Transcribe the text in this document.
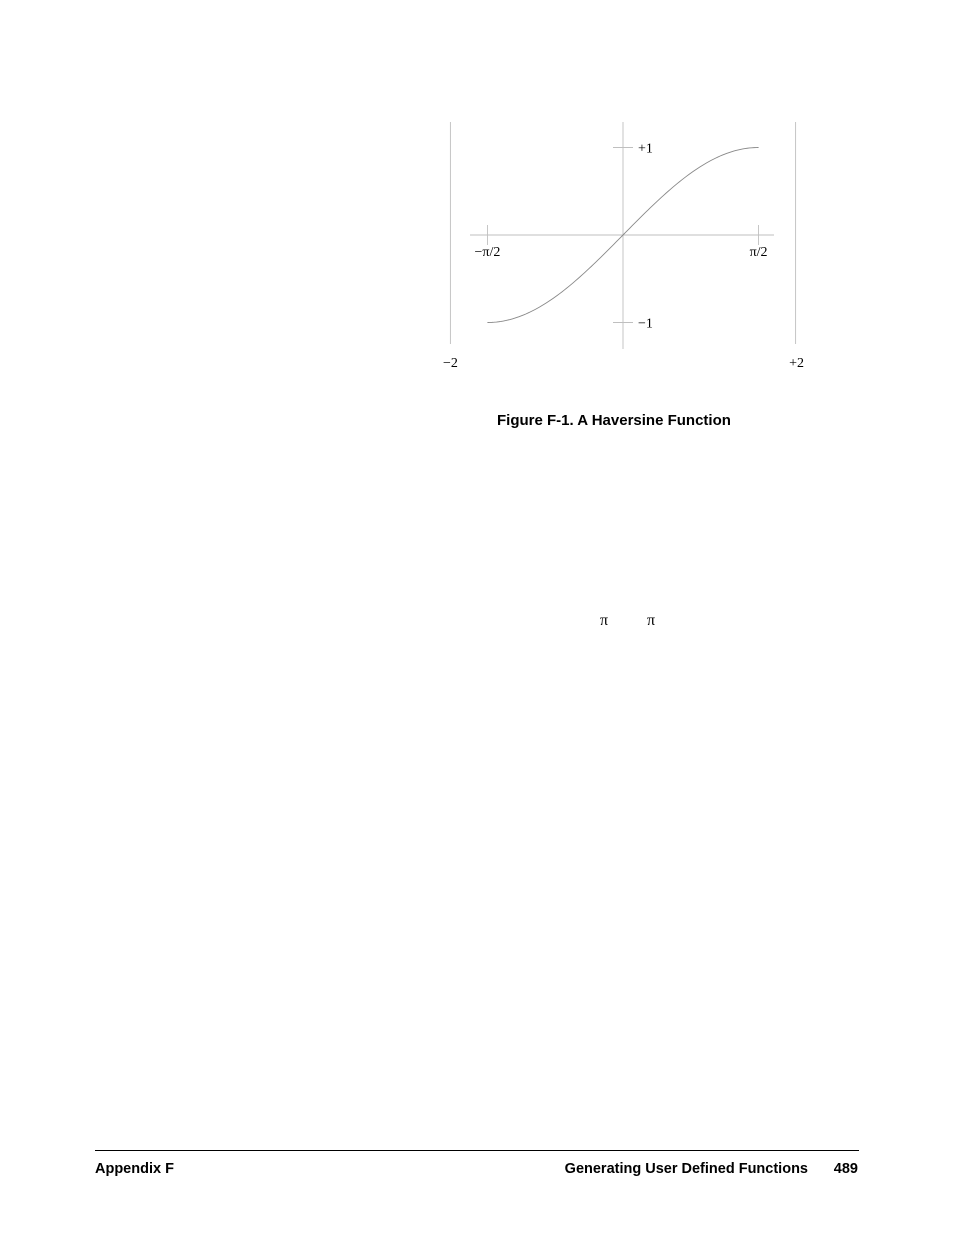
−π/2	π/2
+1
−1
−2	+2
Figure F-1. A Haversine Function
π π
Appendix F	Generating User Defined Functions 489
